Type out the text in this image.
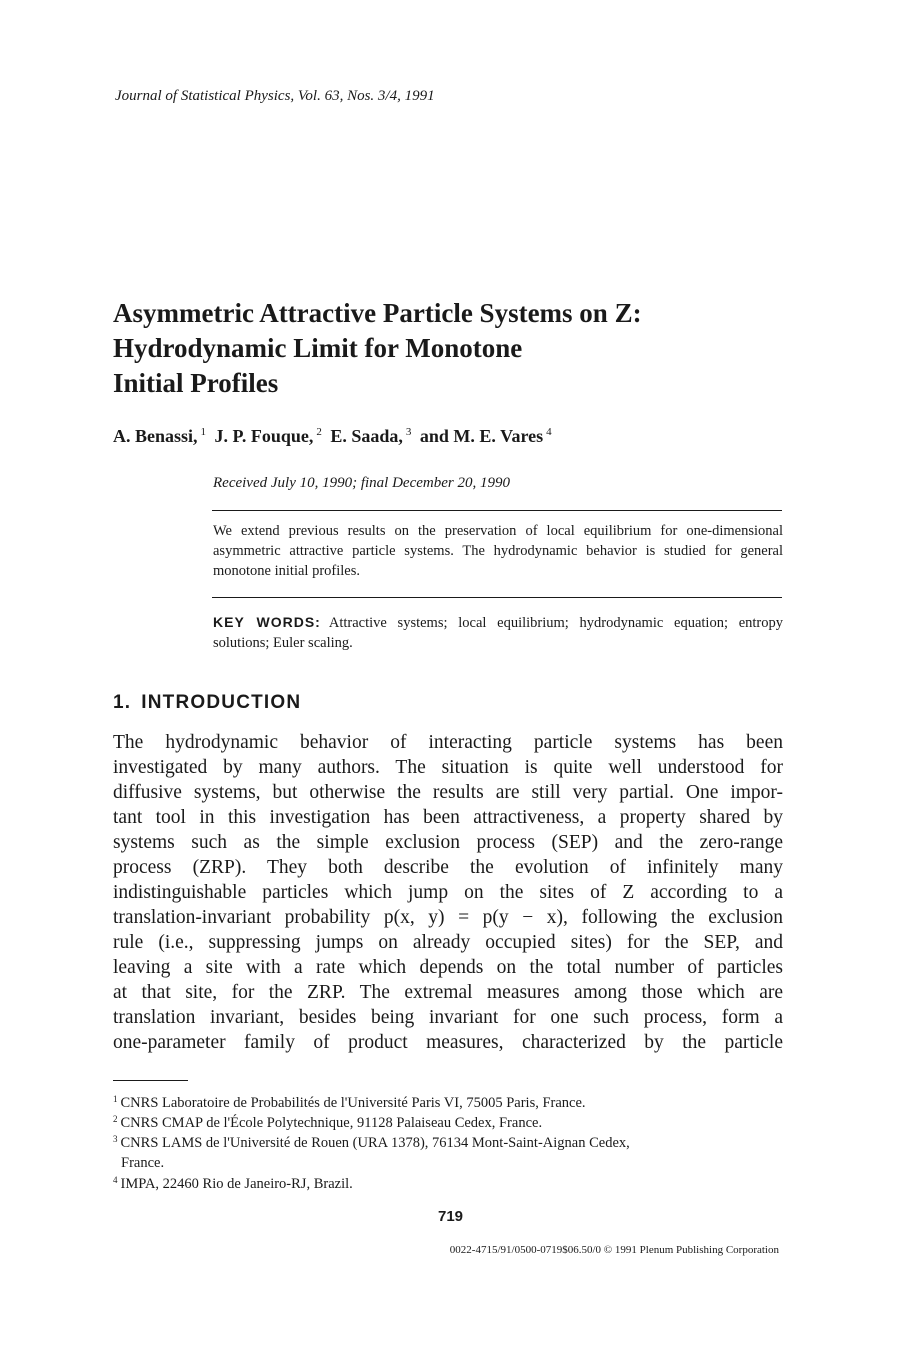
Journal of Statistical Physics, Vol. 63, Nos. 3/4, 1991
Asymmetric Attractive Particle Systems on Z:
Hydrodynamic Limit for Monotone
Initial Profiles
A. Benassi, $^1$ J. P. Fouque, $^2$ E. Saada, $^3$ and M. E. Vares $^4$
Received July 10, 1990; final December 20, 1990
We extend previous results on the preservation of local equilibrium for one-dimensional asymmetric attractive particle systems. The hydrodynamic behavior is studied for general monotone initial profiles.
KEY WORDS: Attractive systems; local equilibrium; hydrodynamic equation; entropy solutions; Euler scaling.
1. INTRODUCTION
The hydrodynamic behavior of interacting particle systems has been
investigated by many authors. The situation is quite well understood for
diffusive systems, but otherwise the results are still very partial. One impor-
tant tool in this investigation has been attractiveness, a property shared by
systems such as the simple exclusion process (SEP) and the zero-range
process (ZRP). They both describe the evolution of infinitely many
indistinguishable particles which jump on the sites of Z according to a
translation-invariant probability p(x, y) = p(y − x), following the exclusion
rule (i.e., suppressing jumps on already occupied sites) for the SEP, and
leaving a site with a rate which depends on the total number of particles
at that site, for the ZRP. The extremal measures among those which are
translation invariant, besides being invariant for one such process, form a
one-parameter family of product measures, characterized by the particle
$^1$ CNRS Laboratoire de Probabilités de l'Université Paris VI, 75005 Paris, France.
$^2$ CNRS CMAP de l'École Polytechnique, 91128 Palaiseau Cedex, France.
$^3$ CNRS LAMS de l'Université de Rouen (URA 1378), 76134 Mont-Saint-Aignan Cedex,
France.
$^4$ IMPA, 22460 Rio de Janeiro-RJ, Brazil.
719
0022-4715/91/0500-0719$06.50/0 © 1991 Plenum Publishing Corporation
